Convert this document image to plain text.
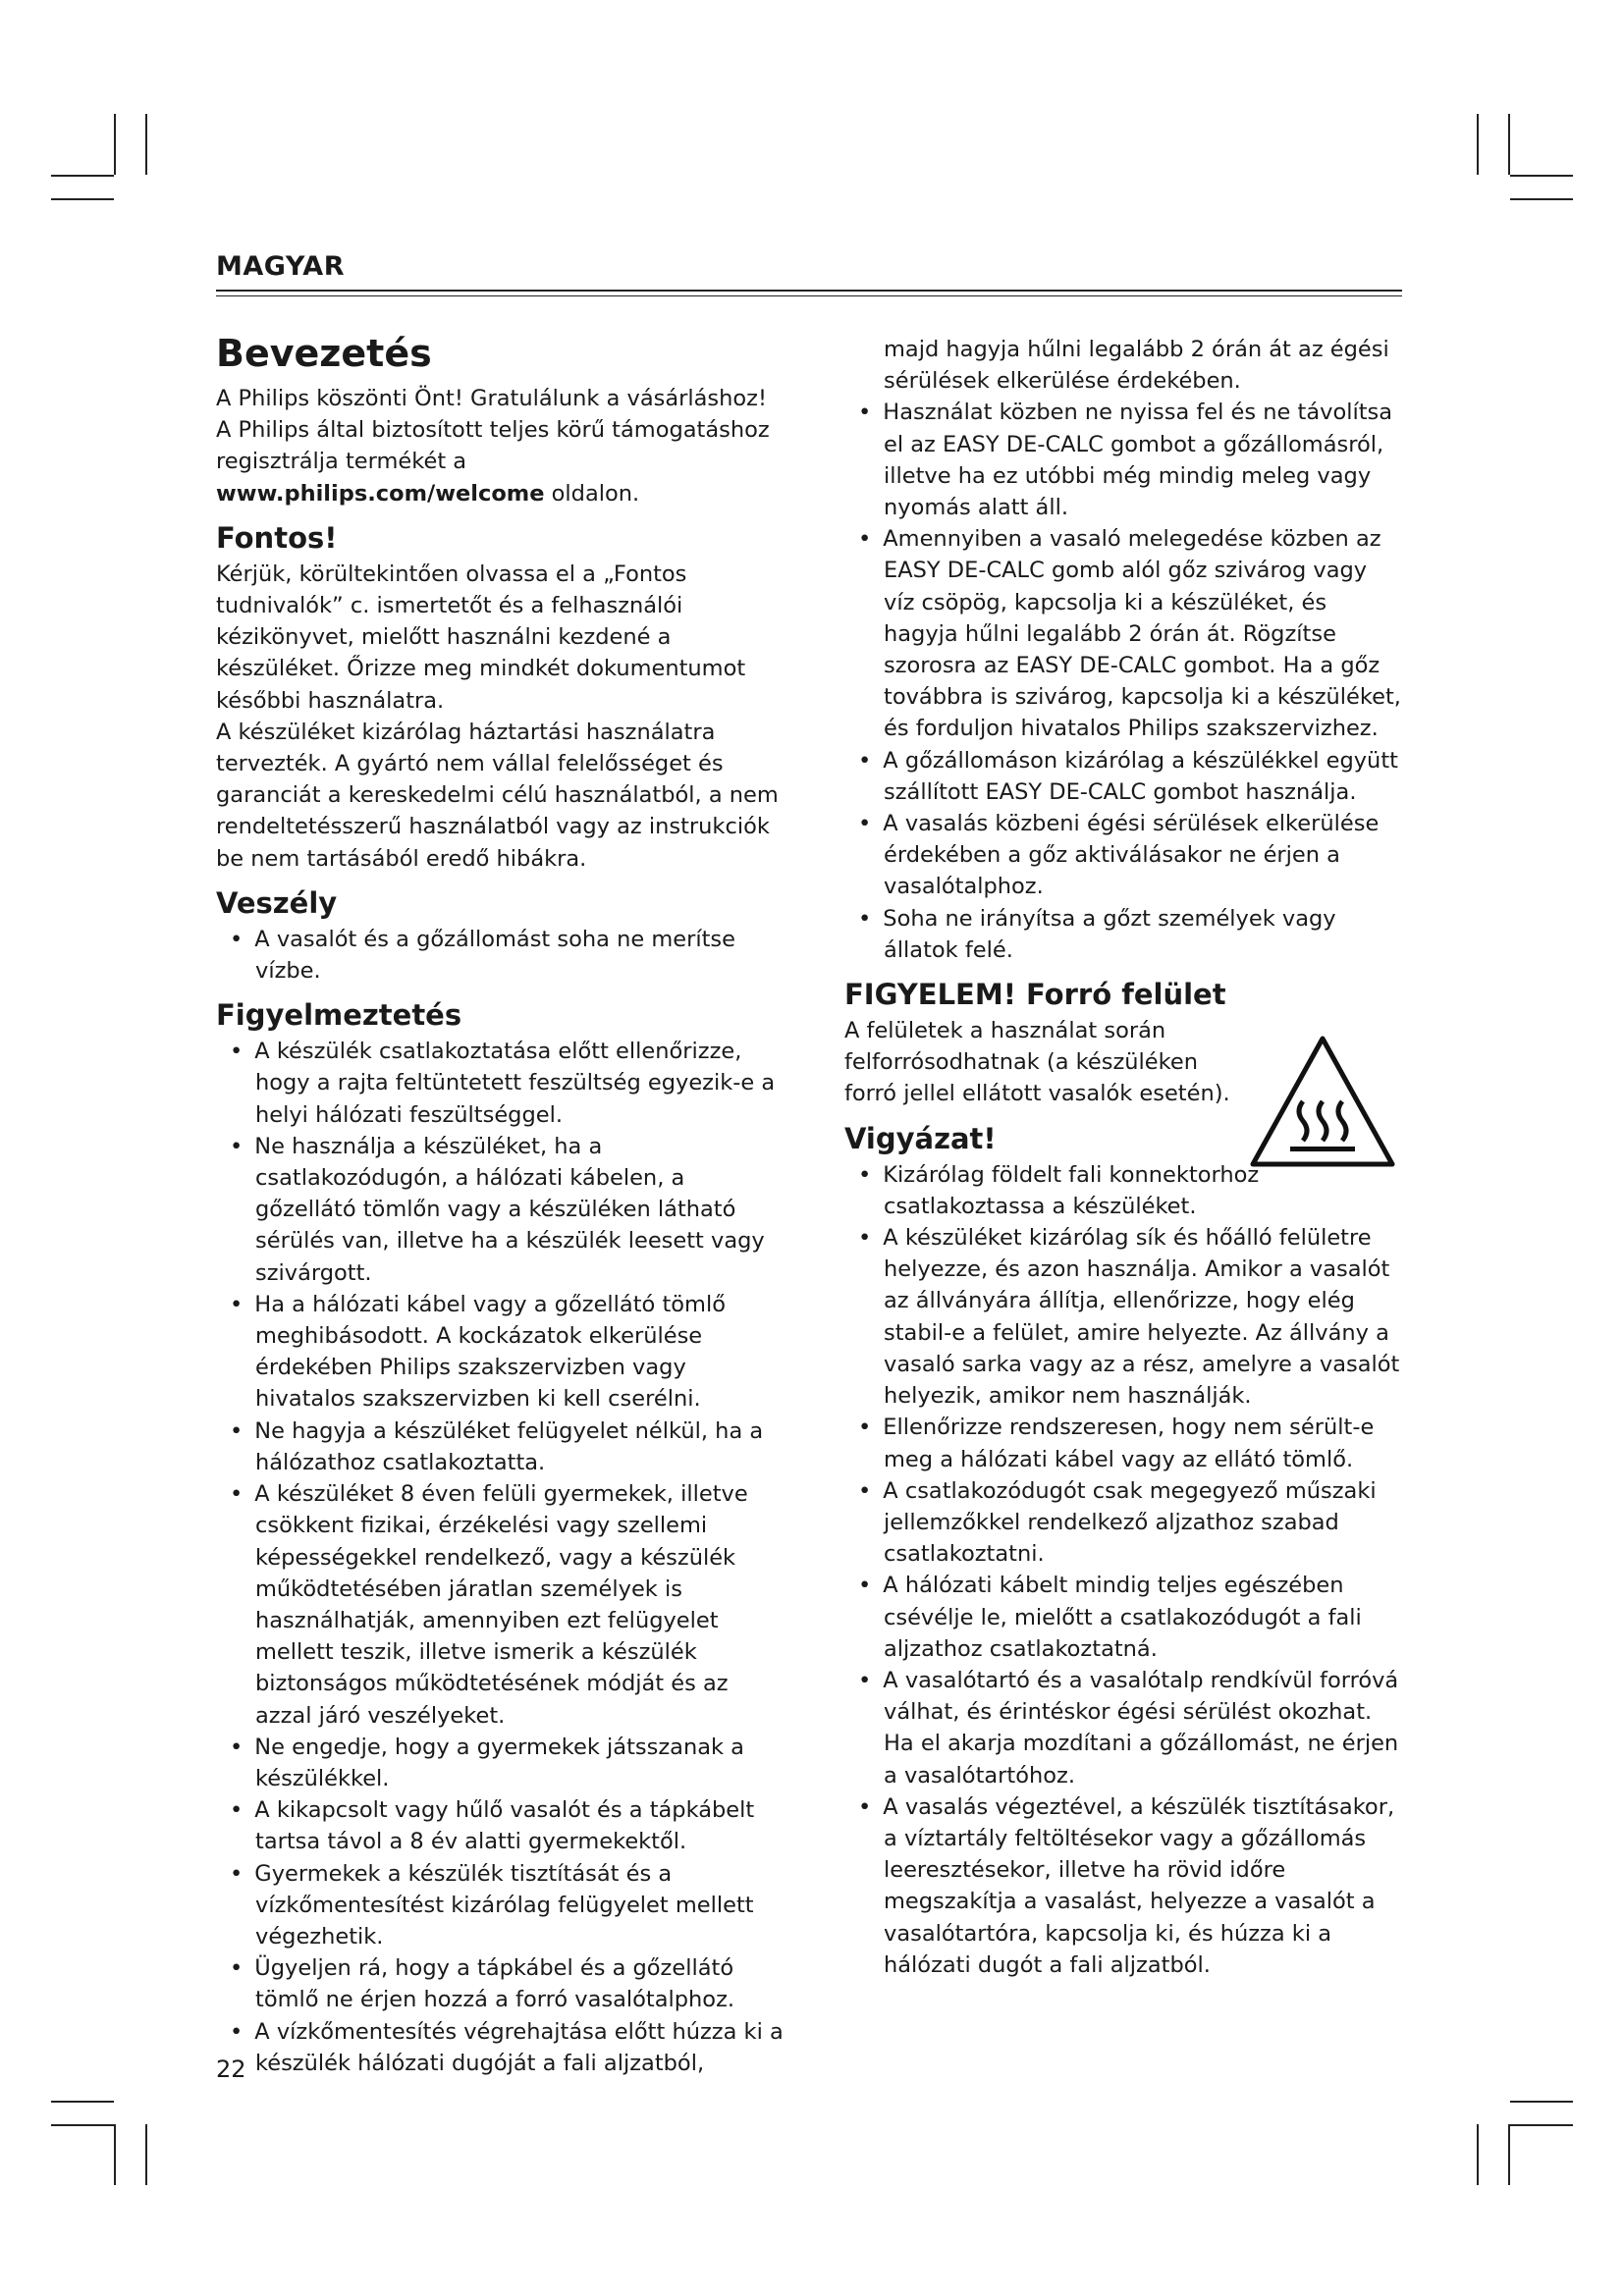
MAGYAR
Bevezetés

A Philips köszönti Önt! Gratulálunk a vásárláshoz! A Philips által biztosított teljes körű támogatáshoz regisztrálja termékét a www.philips.com/welcome oldalon.

Fontos!

Kérjük, körültekintően olvassa el a „Fontos tudnivalók” c. ismertetőt és a felhasználói kézikönyvet, mielőtt használni kezdené a készüléket. Őrizze meg mindkét dokumentumot későbbi használatra.

A készüléket kizárólag háztartási használatra tervezték. A gyártó nem vállal felelősséget és garanciát a kereskedelmi célú használatból, a nem rendeltetésszerű használatból vagy az instrukciók be nem tartásából eredő hibákra.

Veszély
• A vasalót és a gőzállomást soha ne merítse vízbe.
Figyelmeztetés
• A készülék csatlakoztatása előtt ellenőrizze, hogy a rajta feltüntetett feszültség egyezik-e a helyi hálózati feszültséggel.
• Ne használja a készüléket, ha a csatlakozódugón, a hálózati kábelen, a gőzellátó tömlőn vagy a készüléken látható sérülés van, illetve ha a készülék leesett vagy szivárgott.
• Ha a hálózati kábel vagy a gőzellátó tömlő meghibásodott. A kockázatok elkerülése érdekében Philips szakszervizben vagy hivatalos szakszervizben ki kell cserélni.
• Ne hagyja a készüléket felügyelet nélkül, ha a hálózathoz csatlakoztatta.
• A készüléket 8 éven felüli gyermekek, illetve csökkent fizikai, érzékelési vagy szellemi képességekkel rendelkező, vagy a készülék működtetésében járatlan személyek is használhatják, amennyiben ezt felügyelet mellett teszik, illetve ismerik a készülék biztonságos működtetésének módját és az azzal járó veszélyeket.
• Ne engedje, hogy a gyermekek játsszanak a készülékkel.
• A kikapcsolt vagy hűlő vasalót és a tápkábelt tartsa távol a 8 év alatti gyermekektől.
• Gyermekek a készülék tisztítását és a vízkőmentesítést kizárólag felügyelet mellett végezhetik.
• Ügyeljen rá, hogy a tápkábel és a gőzellátó tömlő ne érjen hozzá a forró vasalótalphoz.
• A vízkőmentesítés végrehajtása előtt húzza ki a készülék hálózati dugóját a fali aljzatból,

majd hagyja hűlni legalább 2 órán át az égési sérülések elkerülése érdekében.

• Használat közben ne nyissa fel és ne távolítsa el az EASY DE-CALC gombot a gőzállomásról, illetve ha ez utóbbi még mindig meleg vagy nyomás alatt áll.
• Amennyiben a vasaló melegedése közben az EASY DE-CALC gomb alól gőz szivárog vagy víz csöpög, kapcsolja ki a készüléket, és hagyja hűlni legalább 2 órán át. Rögzítse szorosra az EASY DE-CALC gombot. Ha a gőz továbbra is szivárog, kapcsolja ki a készüléket, és forduljon hivatalos Philips szakszervizhez.
• A gőzállomáson kizárólag a készülékkel együtt szállított EASY DE-CALC gombot használja.
• A vasalás közbeni égési sérülések elkerülése érdekében a gőz aktiválásakor ne érjen a vasalótalphoz.
• Soha ne irányítsa a gőzt személyek vagy állatok felé.
FIGYELEM! Forró felület

A felületek a használat során felforrósodhatnak (a készüléken forró jellel ellátott vasalók esetén).

Vigyázat!
• Kizárólag földelt fali konnektorhoz csatlakoztassa a készüléket.
• A készüléket kizárólag sík és hőálló felületre helyezze, és azon használja. Amikor a vasalót az állványára állítja, ellenőrizze, hogy elég stabil-e a felület, amire helyezte. Az állvány a vasaló sarka vagy az a rész, amelyre a vasalót helyezik, amikor nem használják.
• Ellenőrizze rendszeresen, hogy nem sérült-e meg a hálózati kábel vagy az ellátó tömlő.
• A csatlakozódugót csak megegyező műszaki jellemzőkkel rendelkező aljzathoz szabad csatlakoztatni.
• A hálózati kábelt mindig teljes egészében csévélje le, mielőtt a csatlakozódugót a fali aljzathoz csatlakoztatná.
• A vasalótartó és a vasalótalp rendkívül forróvá válhat, és érintéskor égési sérülést okozhat. Ha el akarja mozdítani a gőzállomást, ne érjen a vasalótartóhoz.
• A vasalás végeztével, a készülék tisztításakor, a víztartály feltöltésekor vagy a gőzállomás leeresztésekor, illetve ha rövid időre megszakítja a vasalást, helyezze a vasalót a vasalótartóra, kapcsolja ki, és húzza ki a hálózati dugót a fali aljzatból.
22
